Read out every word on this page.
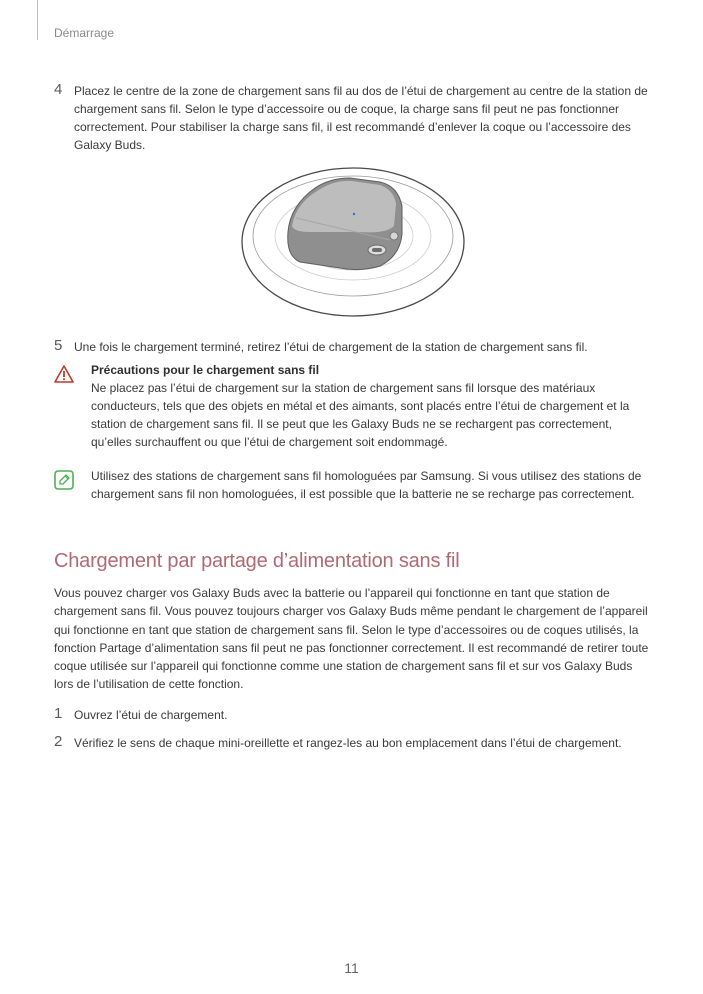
Démarrage
4 Placez le centre de la zone de chargement sans fil au dos de l’étui de chargement au centre de la station de chargement sans fil. Selon le type d’accessoire ou de coque, la charge sans fil peut ne pas fonctionner correctement. Pour stabiliser la charge sans fil, il est recommandé d’enlever la coque ou l’accessoire des Galaxy Buds.
5 Une fois le chargement terminé, retirez l’étui de chargement de la station de chargement sans fil.
Précautions pour le chargement sans fil
Ne placez pas l’étui de chargement sur la station de chargement sans fil lorsque des matériaux conducteurs, tels que des objets en métal et des aimants, sont placés entre l’étui de chargement et la station de chargement sans fil. Il se peut que les Galaxy Buds ne se rechargent pas correctement, qu’elles surchauffent ou que l’étui de chargement soit endommagé.
Utilisez des stations de chargement sans fil homologuées par Samsung. Si vous utilisez des stations de chargement sans fil non homologuées, il est possible que la batterie ne se recharge pas correctement.
Chargement par partage d’alimentation sans fil
Vous pouvez charger vos Galaxy Buds avec la batterie ou l’appareil qui fonctionne en tant que station de chargement sans fil. Vous pouvez toujours charger vos Galaxy Buds même pendant le chargement de l’appareil qui fonctionne en tant que station de chargement sans fil. Selon le type d’accessoires ou de coques utilisés, la fonction Partage d’alimentation sans fil peut ne pas fonctionner correctement. Il est recommandé de retirer toute coque utilisée sur l’appareil qui fonctionne comme une station de chargement sans fil et sur vos Galaxy Buds lors de l’utilisation de cette fonction.
1 Ouvrez l’étui de chargement.
2 Vérifiez le sens de chaque mini-oreillette et rangez-les au bon emplacement dans l’étui de chargement.
11
